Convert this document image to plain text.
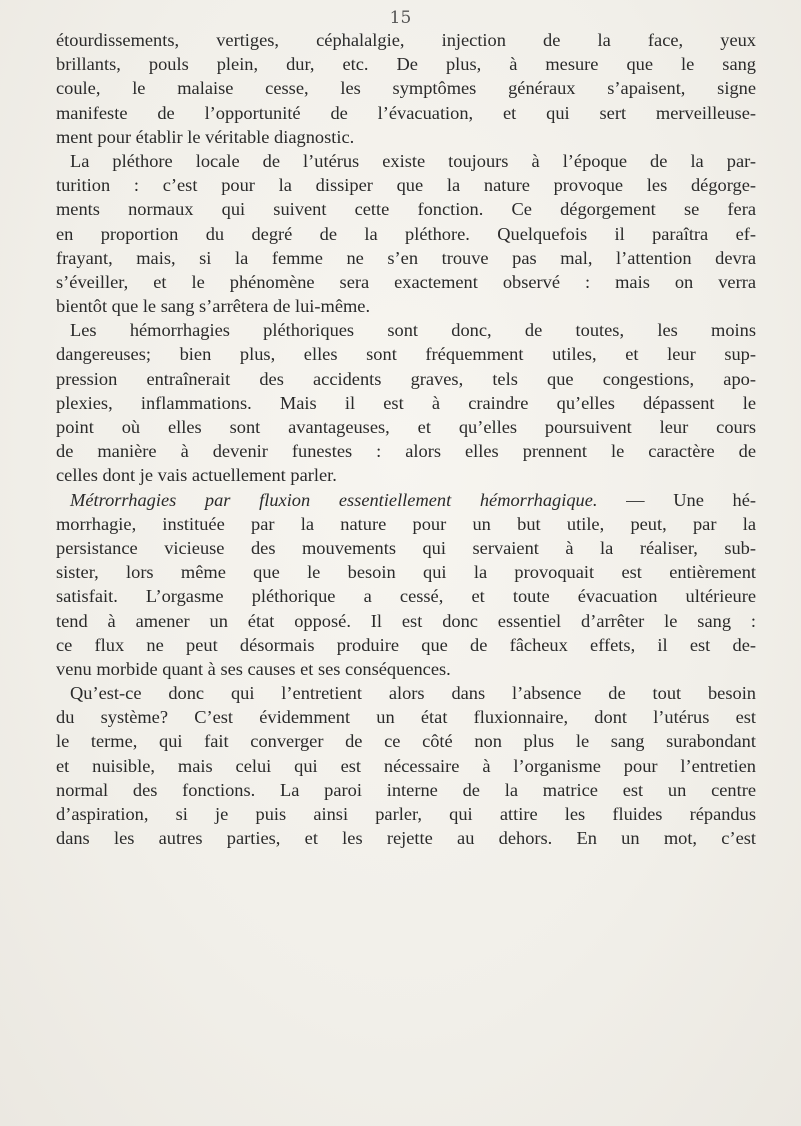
15
étourdissements, vertiges, céphalalgie, injection de la face, yeux
brillants, pouls plein, dur, etc. De plus, à mesure que le sang
coule, le malaise cesse, les symptômes généraux s’apaisent, signe
manifeste de l’opportunité de l’évacuation, et qui sert merveilleuse-
ment pour établir le véritable diagnostic.
La pléthore locale de l’utérus existe toujours à l’époque de la par-
turition : c’est pour la dissiper que la nature provoque les dégorge-
ments normaux qui suivent cette fonction. Ce dégorgement se fera
en proportion du degré de la pléthore. Quelquefois il paraîtra ef-
frayant, mais, si la femme ne s’en trouve pas mal, l’attention devra
s’éveiller, et le phénomène sera exactement observé : mais on verra
bientôt que le sang s’arrêtera de lui-même.
Les hémorrhagies pléthoriques sont donc, de toutes, les moins
dangereuses; bien plus, elles sont fréquemment utiles, et leur sup-
pression entraînerait des accidents graves, tels que congestions, apo-
plexies, inflammations. Mais il est à craindre qu’elles dépassent le
point où elles sont avantageuses, et qu’elles poursuivent leur cours
de manière à devenir funestes : alors elles prennent le caractère de
celles dont je vais actuellement parler.
Métrorrhagies par fluxion essentiellement hémorrhagique. — Une hé-
morrhagie, instituée par la nature pour un but utile, peut, par la
persistance vicieuse des mouvements qui servaient à la réaliser, sub-
sister, lors même que le besoin qui la provoquait est entièrement
satisfait. L’orgasme pléthorique a cessé, et toute évacuation ultérieure
tend à amener un état opposé. Il est donc essentiel d’arrêter le sang :
ce flux ne peut désormais produire que de fâcheux effets, il est de-
venu morbide quant à ses causes et ses conséquences.
Qu’est-ce donc qui l’entretient alors dans l’absence de tout besoin
du système? C’est évidemment un état fluxionnaire, dont l’utérus est
le terme, qui fait converger de ce côté non plus le sang surabondant
et nuisible, mais celui qui est nécessaire à l’organisme pour l’entretien
normal des fonctions. La paroi interne de la matrice est un centre
d’aspiration, si je puis ainsi parler, qui attire les fluides répandus
dans les autres parties, et les rejette au dehors. En un mot, c’est
